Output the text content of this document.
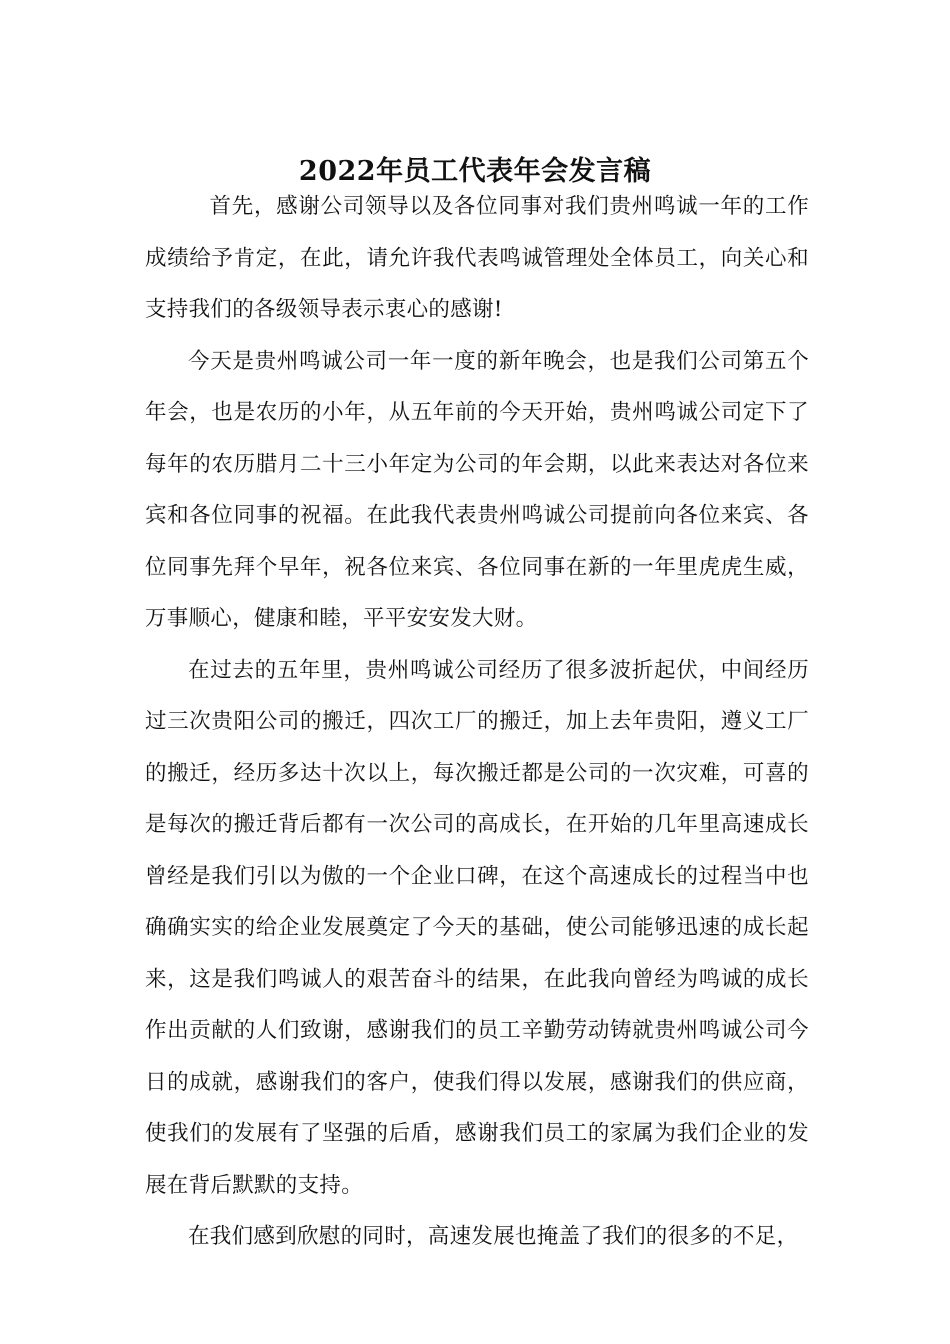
2022年员工代表年会发言稿

首先，感谢公司领导以及各位同事对我们贵州鸣诚一年的工作成绩给予肯定，在此，请允许我代表鸣诚管理处全体员工，向关心和支持我们的各级领导表示衷心的感谢!

今天是贵州鸣诚公司一年一度的新年晚会，也是我们公司第五个年会，也是农历的小年，从五年前的今天开始，贵州鸣诚公司定下了每年的农历腊月二十三小年定为公司的年会期，以此来表达对各位来宾和各位同事的祝福。在此我代表贵州鸣诚公司提前向各位来宾、各位同事先拜个早年，祝各位来宾、各位同事在新的一年里虎虎生威，万事顺心，健康和睦，平平安安发大财。

在过去的五年里，贵州鸣诚公司经历了很多波折起伏，中间经历过三次贵阳公司的搬迁，四次工厂的搬迁，加上去年贵阳，遵义工厂的搬迁，经历多达十次以上，每次搬迁都是公司的一次灾难，可喜的是每次的搬迁背后都有一次公司的高成长，在开始的几年里高速成长曾经是我们引以为傲的一个企业口碑，在这个高速成长的过程当中也确确实实的给企业发展奠定了今天的基础，使公司能够迅速的成长起来，这是我们鸣诚人的艰苦奋斗的结果，在此我向曾经为鸣诚的成长作出贡献的人们致谢，感谢我们的员工辛勤劳动铸就贵州鸣诚公司今日的成就，感谢我们的客户，使我们得以发展，感谢我们的供应商， 使我们的发展有了坚强的后盾，感谢我们员工的家属为我们企业的发展在背后默默的支持。

在我们感到欣慰的同时，高速发展也掩盖了我们的很多的不足，
